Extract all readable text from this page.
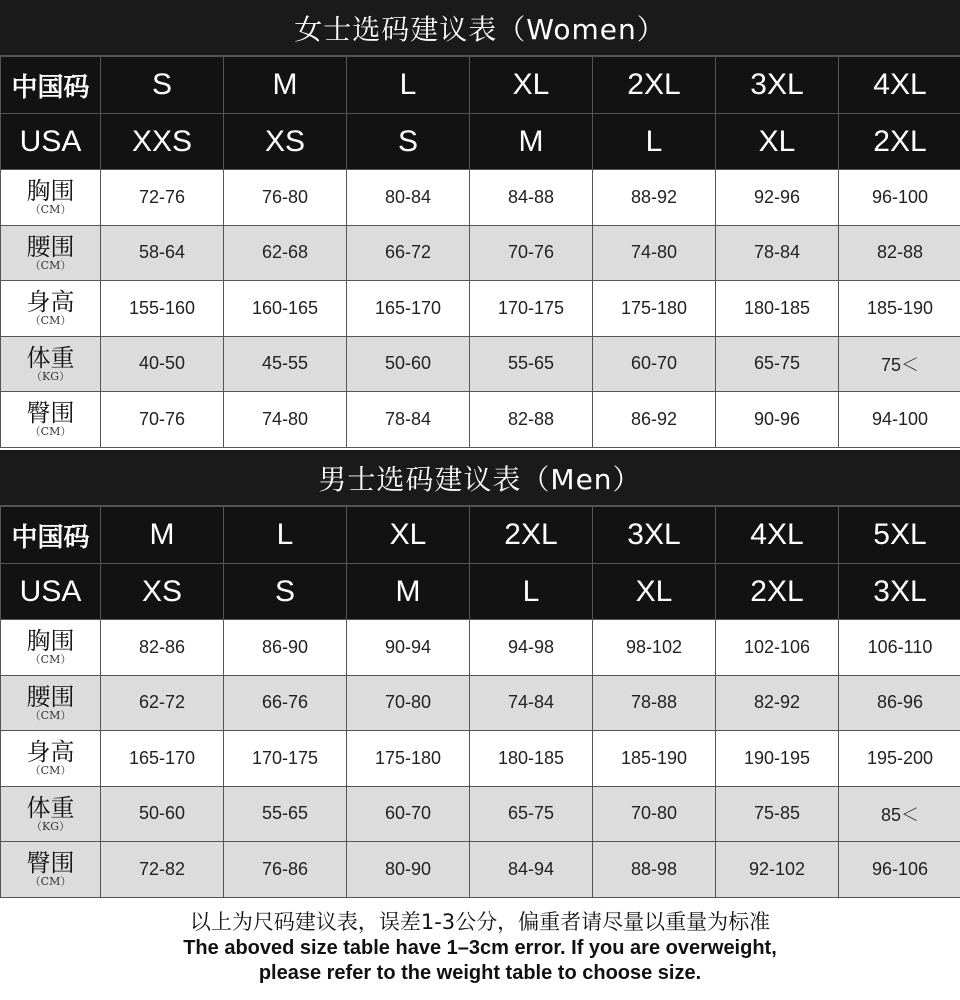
女士选码建议表（Women）
中国码	S	M	L	XL	2XL	3XL	4XL
USA	XXS	XS	S	M	L	XL	2XL

胸围
（CM）	72-76	76-80	80-84	84-88	88-92	92-96	96-100

腰围
（CM）	58-64	62-68	66-72	70-76	74-80	78-84	82-88

身高
（CM）	155-160	160-165	165-170	170-175	175-180	180-185	185-190

体重
（KG）	40-50	45-55	50-60	55-65	60-70	65-75	75＜

臀围
（CM）	70-76	74-80	78-84	82-88	86-92	90-96	94-100
男士选码建议表（Men）
中国码	M	L	XL	2XL	3XL	4XL	5XL
USA	XS	S	M	L	XL	2XL	3XL

胸围
（CM）	82-86	86-90	90-94	94-98	98-102	102-106	106-110

腰围
（CM）	62-72	66-76	70-80	74-84	78-88	82-92	86-96

身高
（CM）	165-170	170-175	175-180	180-185	185-190	190-195	195-200

体重
（KG）	50-60	55-65	60-70	65-75	70-80	75-85	85＜

臀围
（CM）	72-82	76-86	80-90	84-94	88-98	92-102	96-106
以上为尺码建议表，误差1-3公分，偏重者请尽量以重量为标准
The aboved size table have 1–3cm error. If you are overweight,
please refer to the weight table to choose size.
